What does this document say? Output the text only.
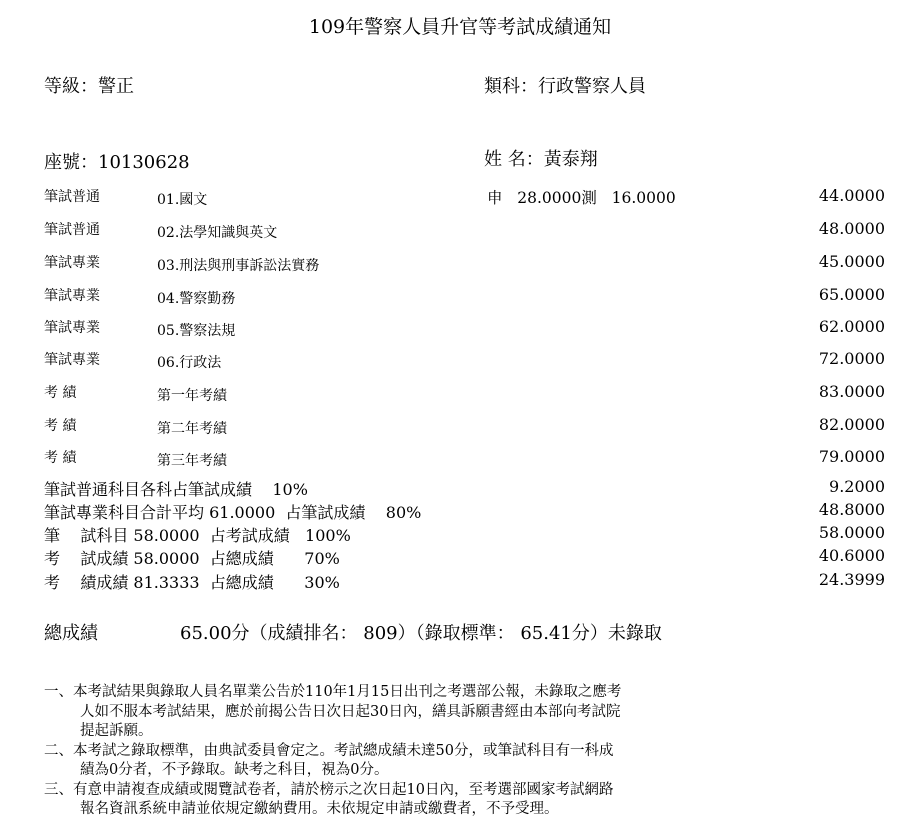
109年警察人員升官等考試成績通知
等級：警正	類科：行政警察人員
座號：10130628	姓 名：黃泰翔
筆試普通	01.國文	申   28.0000測   16.0000	44.0000
筆試普通	02.法學知識與英文	48.0000
筆試專業	03.刑法與刑事訴訟法實務	45.0000
筆試專業	04.警察勤務	65.0000
筆試專業	05.警察法規	62.0000
筆試專業	06.行政法	72.0000
考 績	第一年考績	83.0000
考 績	第二年考績	82.0000
考 績	第三年考績	79.0000
筆試普通科目各科占筆試成績    10%	9.2000
筆試專業科目合計平均 61.0000  占筆試成績    80%	48.8000
筆    試科目 58.0000  占考試成績   100%	58.0000
考    試成績 58.0000  占總成績      70%	40.6000
考    績成績 81.3333  占總成績      30%	24.3999
總成績	65.00分（成績排名： 809）（錄取標準： 65.41分）未錄取
一、本考試結果與錄取人員名單業公告於110年1月15日出刊之考選部公報，未錄取之應考
人如不服本考試結果，應於前揭公告日次日起30日內，繕具訴願書經由本部向考試院
提起訴願。
二、本考試之錄取標準，由典試委員會定之。考試總成績未達50分，或筆試科目有一科成
績為0分者，不予錄取。缺考之科目，視為0分。
三、有意申請複查成績或閱覽試卷者，請於榜示之次日起10日內，至考選部國家考試網路
報名資訊系統申請並依規定繳納費用。未依規定申請或繳費者，不予受理。
